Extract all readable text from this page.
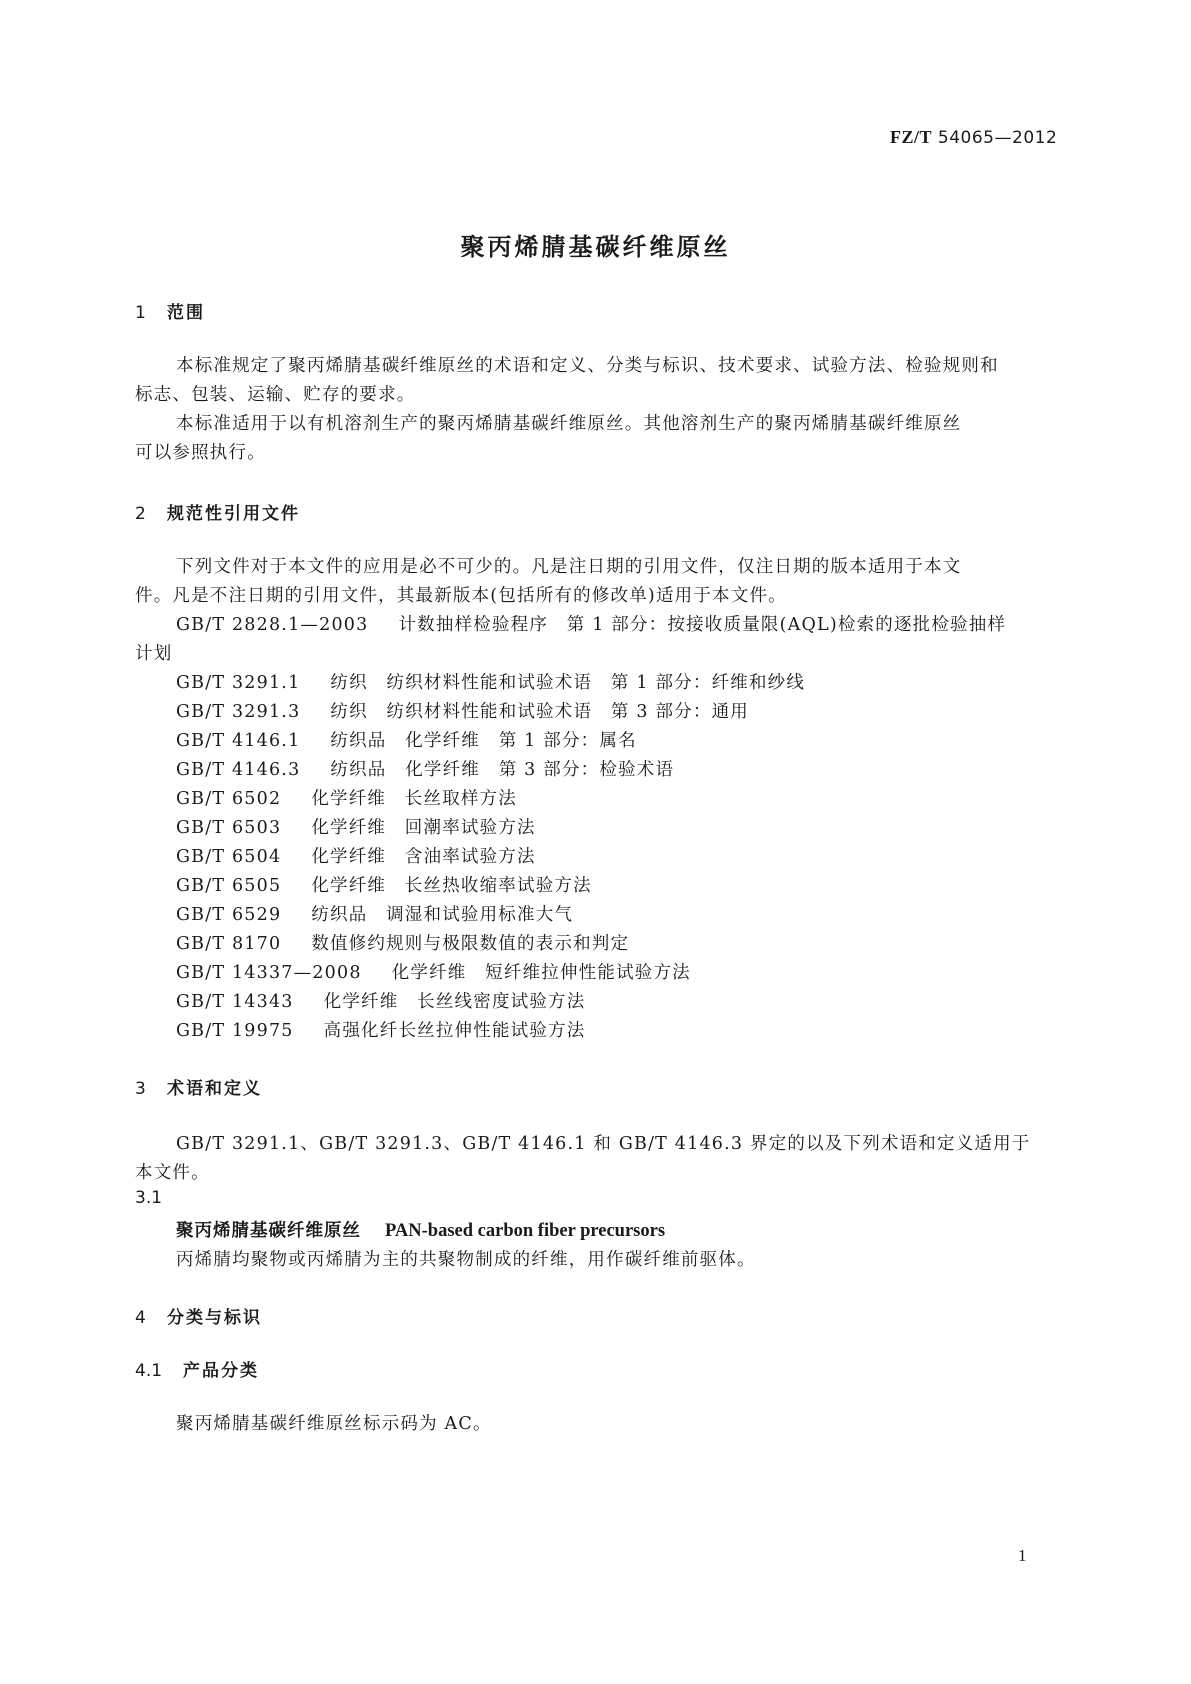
FZ/T 54065—2012
聚丙烯腈基碳纤维原丝
1 范围
本标准规定了聚丙烯腈基碳纤维原丝的术语和定义、分类与标识、技术要求、试验方法、检验规则和
标志、包装、运输、贮存的要求。
本标准适用于以有机溶剂生产的聚丙烯腈基碳纤维原丝。其他溶剂生产的聚丙烯腈基碳纤维原丝
可以参照执行。
2 规范性引用文件
下列文件对于本文件的应用是必不可少的。凡是注日期的引用文件，仅注日期的版本适用于本文
件。凡是不注日期的引用文件，其最新版本(包括所有的修改单)适用于本文件。
GB/T 2828.1—2003 计数抽样检验程序　第 1 部分：按接收质量限(AQL)检索的逐批检验抽样
计划
GB/T 3291.1 纺织　纺织材料性能和试验术语　第 1 部分：纤维和纱线
GB/T 3291.3 纺织　纺织材料性能和试验术语　第 3 部分：通用
GB/T 4146.1 纺织品　化学纤维　第 1 部分：属名
GB/T 4146.3 纺织品　化学纤维　第 3 部分：检验术语
GB/T 6502 化学纤维　长丝取样方法
GB/T 6503 化学纤维　回潮率试验方法
GB/T 6504 化学纤维　含油率试验方法
GB/T 6505 化学纤维　长丝热收缩率试验方法
GB/T 6529 纺织品　调湿和试验用标准大气
GB/T 8170 数值修约规则与极限数值的表示和判定
GB/T 14337—2008 化学纤维　短纤维拉伸性能试验方法
GB/T 14343 化学纤维　长丝线密度试验方法
GB/T 19975 高强化纤长丝拉伸性能试验方法
3 术语和定义
GB/T 3291.1、GB/T 3291.3、GB/T 4146.1 和 GB/T 4146.3 界定的以及下列术语和定义适用于
本文件。
3.1
聚丙烯腈基碳纤维原丝 PAN-based carbon fiber precursors
丙烯腈均聚物或丙烯腈为主的共聚物制成的纤维，用作碳纤维前驱体。
4 分类与标识
4.1 产品分类
聚丙烯腈基碳纤维原丝标示码为 AC。
1
